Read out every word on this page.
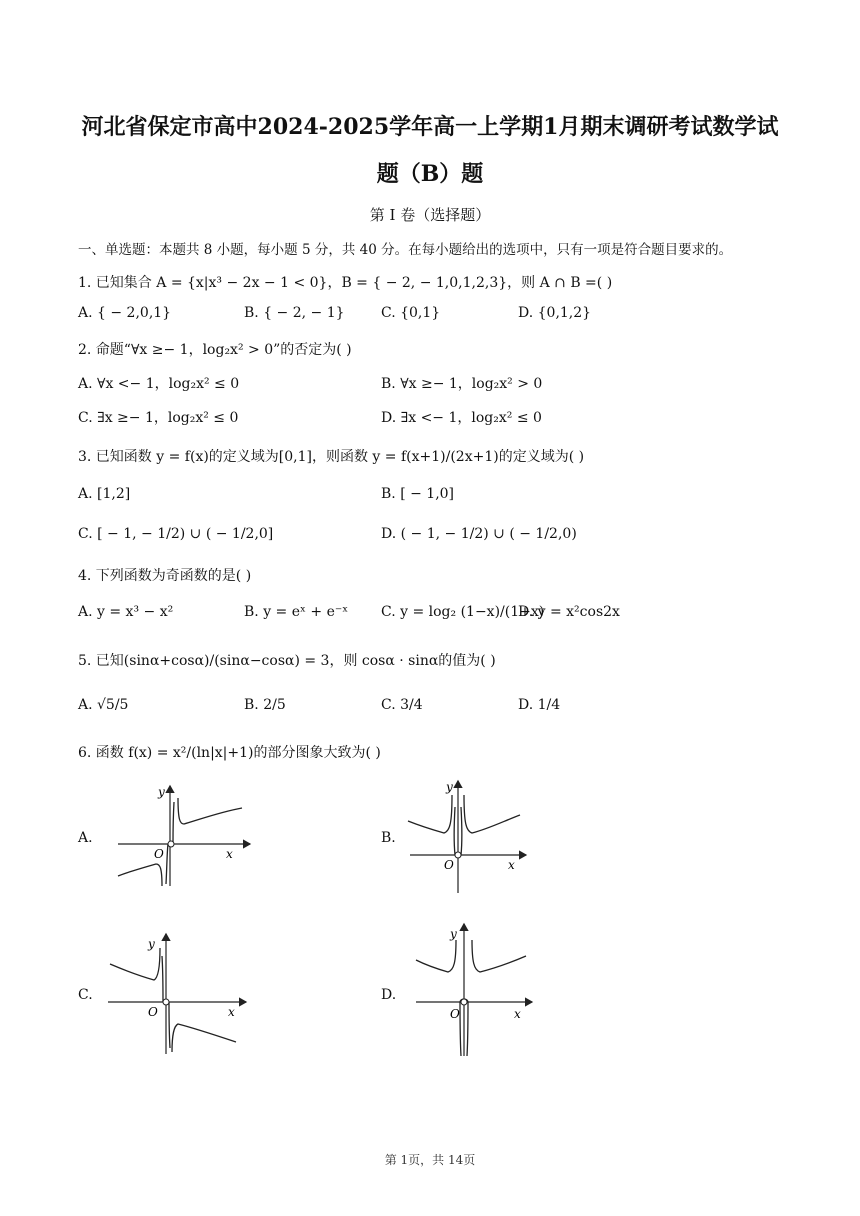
河北省保定市高中2024-2025学年高一上学期1月期末调研考试数学试
题（B）题
第 I 卷（选择题）
一、单选题：本题共 8 小题，每小题 5 分，共 40 分。在每小题给出的选项中，只有一项是符合题目要求的。
1. 已知集合 A = {x|x³ − 2x − 1 < 0}，B = { − 2, − 1,0,1,2,3}，则 A ∩ B =( )
A. { − 2,0,1}	B. { − 2, − 1}	C. {0,1}	D. {0,1,2}
2. 命题“∀x ≥− 1，log₂x² > 0”的否定为( )
A. ∀x <− 1，log₂x² ≤ 0	B. ∀x ≥− 1，log₂x² > 0
C. ∃x ≥− 1，log₂x² ≤ 0	D. ∃x <− 1，log₂x² ≤ 0
3. 已知函数 y = f(x)的定义域为[0,1]，则函数 y = f(x+1)/(2x+1)的定义域为( )
A. [1,2]	B. [ − 1,0]
C. [ − 1, − 1/2) ∪ ( − 1/2,0]	D. ( − 1, − 1/2) ∪ ( − 1/2,0)
4. 下列函数为奇函数的是( )
A. y = x³ − x²	B. y = eˣ + e⁻ˣ C. y = log₂ (1−x)/(1+x)
D. y = x²cos2x
5. 已知(sinα+cosα)/(sinα−cosα) = 3，则 cosα · sinα的值为( )
A. √5/5	B. 2/5	C. 3/4	D. 1/4
6. 函数 f(x) = x²/(ln|x|+1)的部分图象大致为( )
A.	B.
C.	D.
y
O	x
y
O	x
y
O	x
y
O	x
第 1页，共 14页
